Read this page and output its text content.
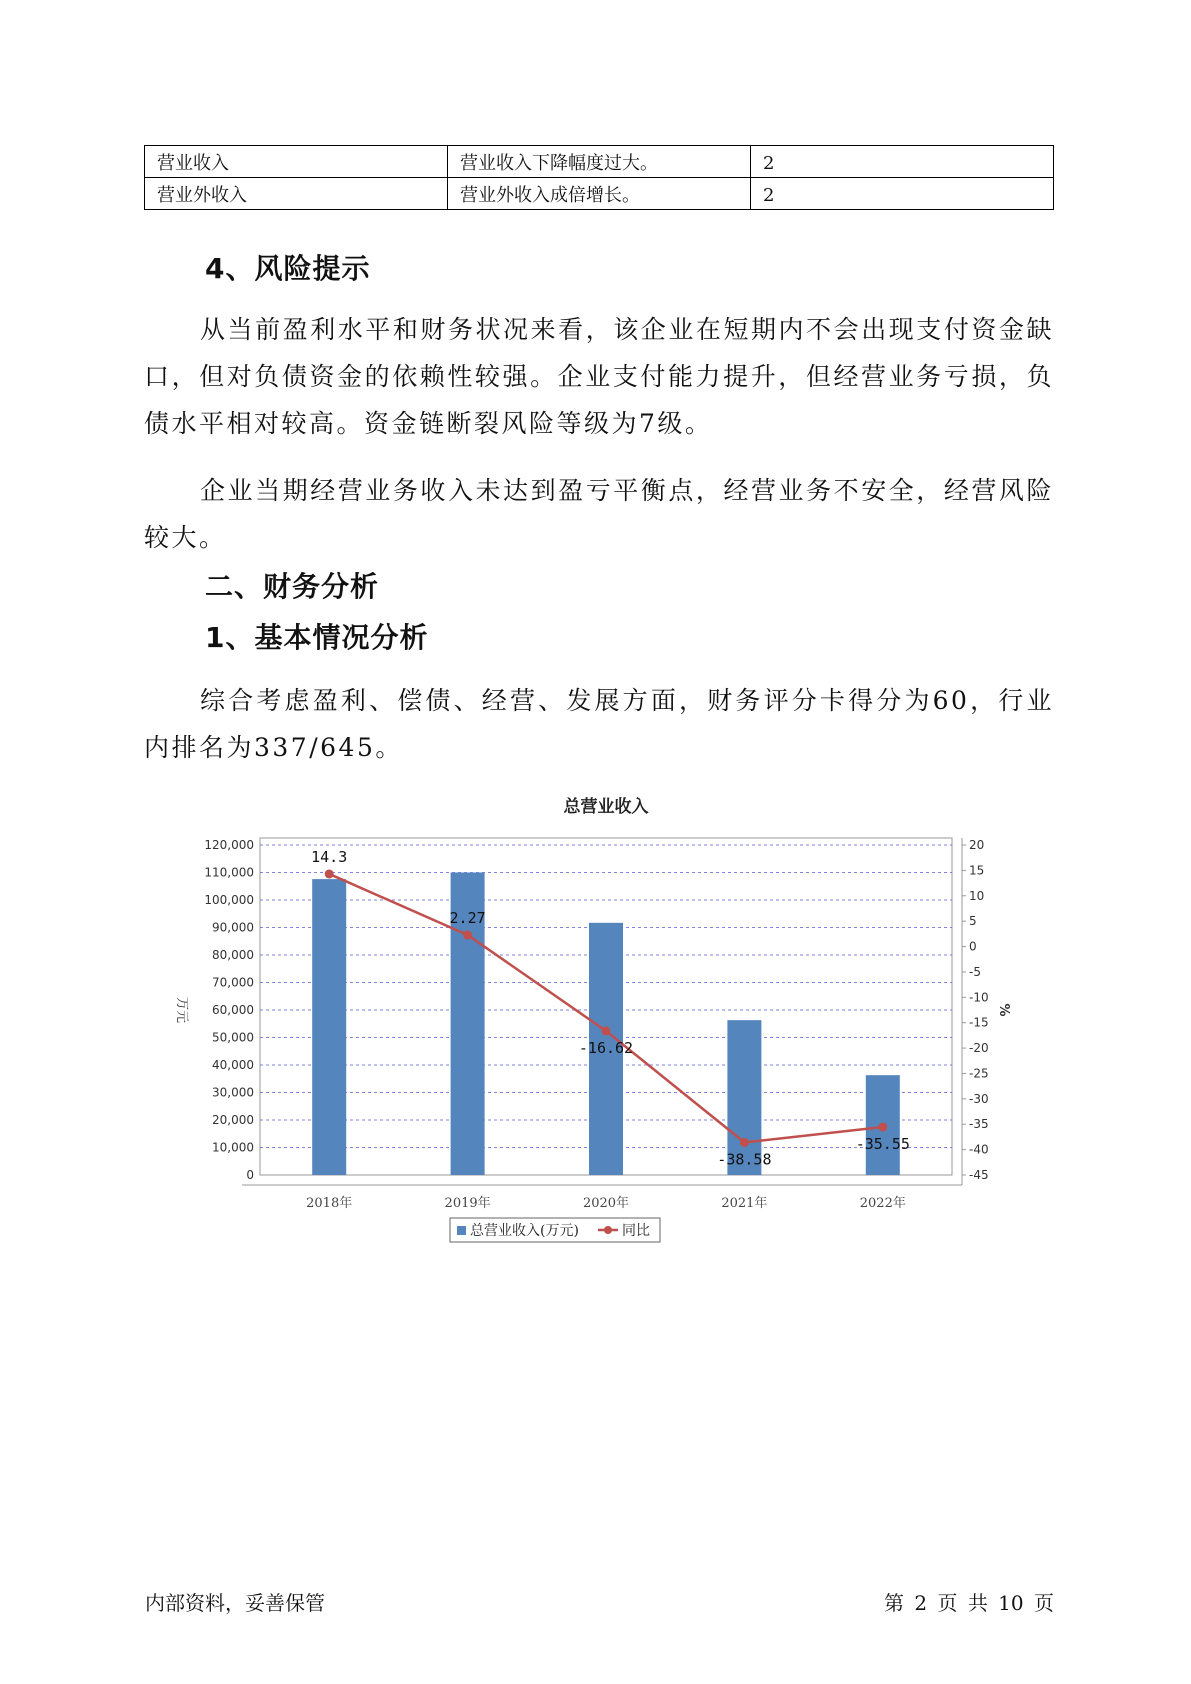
营业收入	营业收入下降幅度过大。	2
营业外收入	营业外收入成倍增长。	2
4、风险提示

从当前盈利水平和财务状况来看，该企业在短期内不会出现支付资金缺口，但对负债资金的依赖性较强。企业支付能力提升，但经营业务亏损，负债水平相对较高。资金链断裂风险等级为7级。

企业当期经营业务收入未达到盈亏平衡点，经营业务不安全，经营风险较大。

二、财务分析
1、基本情况分析

综合考虑盈利、偿债、经营、发展方面，财务评分卡得分为60，行业内排名为337/645。

总营业收入
0
10,000
20,000
30,000
40,000
50,000
60,000
70,000
80,000
90,000
100,000
110,000
120,000	20
15
10
5
0
-5
-10
-15
-20
-25
-30
-35
-40
-45
万元	%
2018年	2019年	2020年	2021年	2022年
14.3
2.27
-16.62
-38.58
-35.55
总营业收入(万元)	同比
内部资料，妥善保管	第 2 页 共 10 页
